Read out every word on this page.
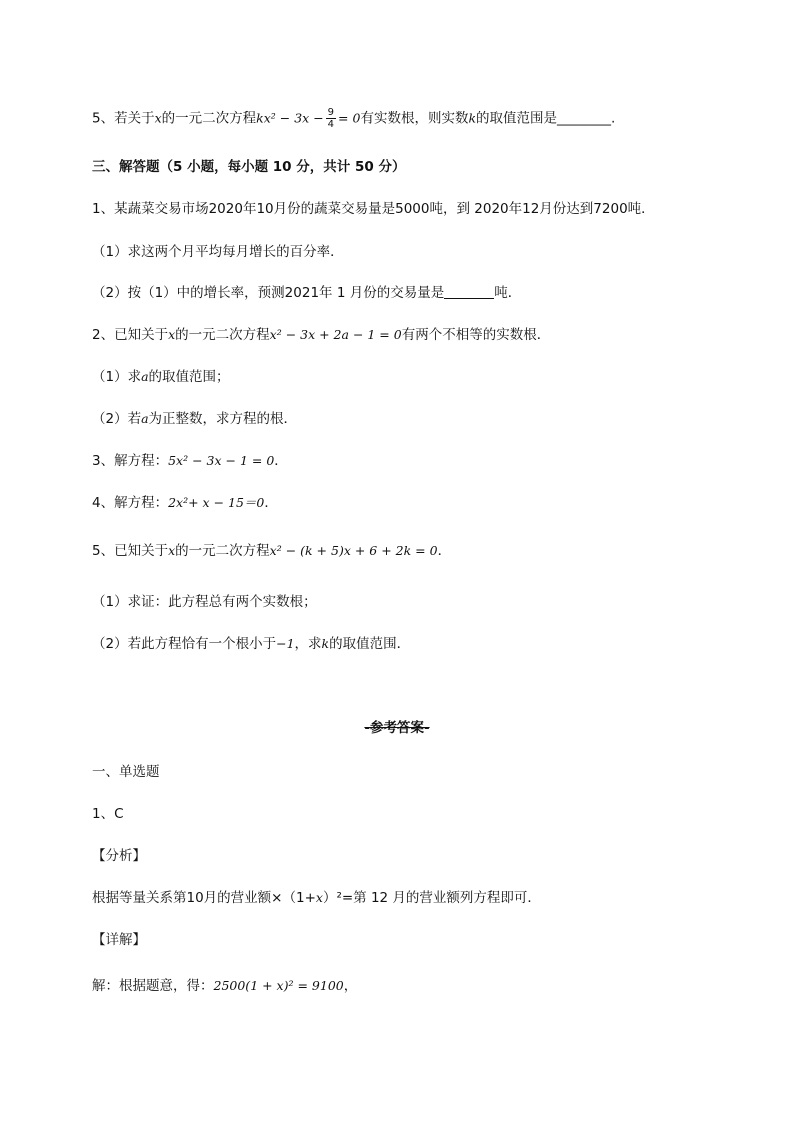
5、若关于x的一元二次方程$kx^2 - 3x - \frac{9}{4} = 0$有实数根，则实数k的取值范围是________.
三、解答题（5 小题，每小题 10 分，共计 50 分）
1、某蔬菜交易市场2020年10月份的蔬菜交易量是5000吨，到 2020年12月份达到7200吨．
（1）求这两个月平均每月增长的百分率．
（2）按（1）中的增长率，预测2021年 1 月份的交易量是	吨．
2、已知关于x的一元二次方程x² − 3x + 2a − 1 = 0有两个不相等的实数根．
（1）求a的取值范围；
（2）若a为正整数，求方程的根．
3、解方程：5x² − 3x − 1 = 0．
4、解方程：2x²+ x − 15＝0．
5、已知关于x的一元二次方程x² − (k + 5)x + 6 + 2k = 0．
（1）求证：此方程总有两个实数根；
（2）若此方程恰有一个根小于−1，求k的取值范围．
-参考答案-
一、单选题
1、C
【分析】
根据等量关系第10月的营业额×（1+x）²=第 12 月的营业额列方程即可．
【详解】
解：根据题意，得：2500(1 + x)² = 9100，
